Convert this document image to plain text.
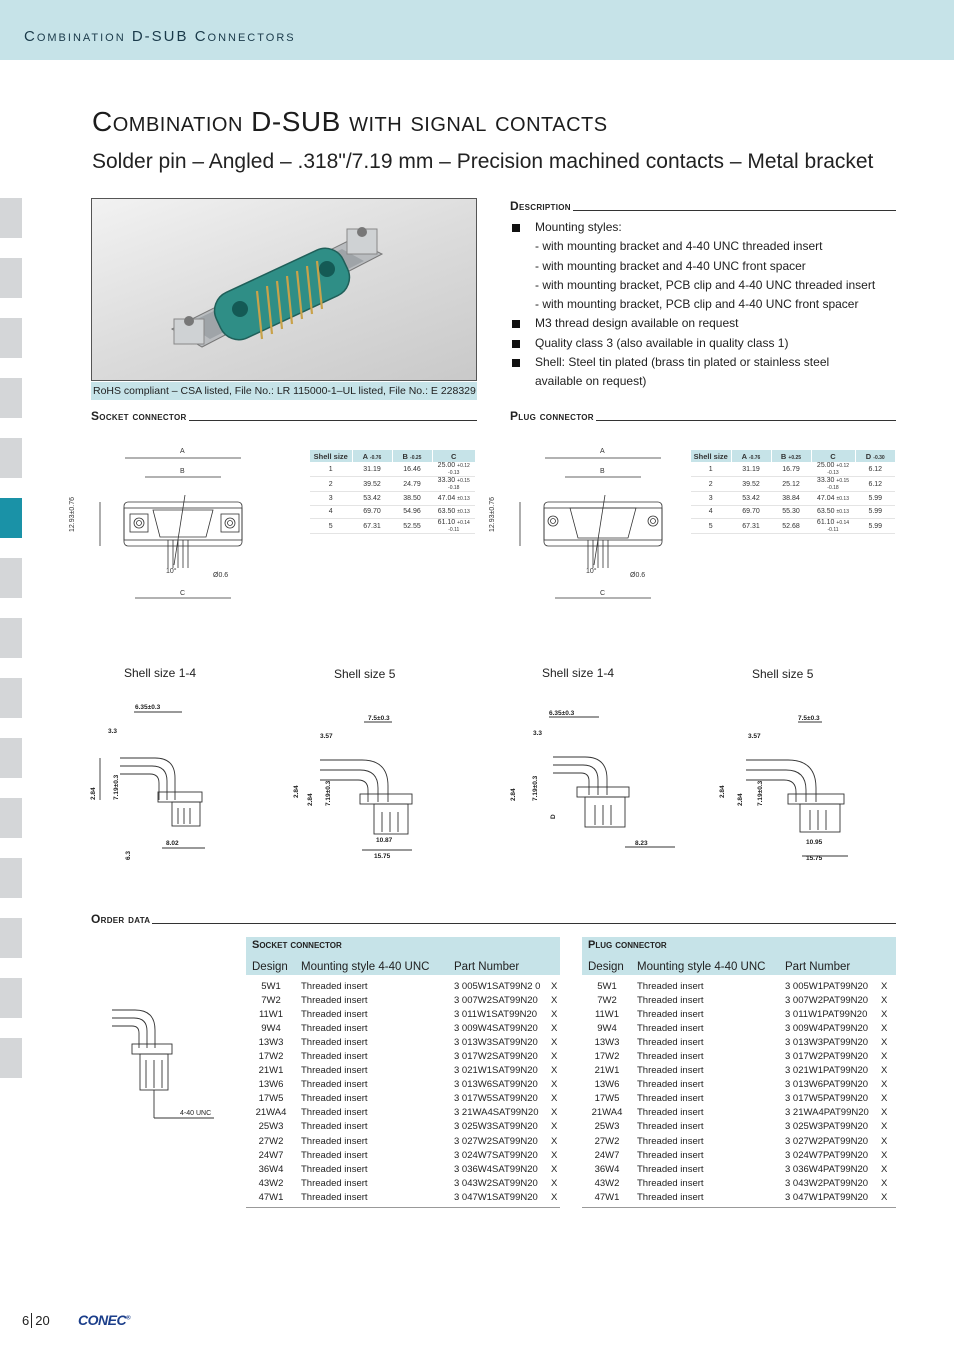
Combination D-SUB Connectors
Combination D-SUB with signal contacts
Solder pin – Angled – .318"/7.19 mm – Precision machined contacts – Metal bracket
RoHS compliant – CSA listed, File No.: LR 115000-1–UL listed, File No.: E 228329
Description
Mounting styles:
- with mounting bracket and 4-40 UNC threaded insert
- with mounting bracket and 4-40 UNC front spacer
- with mounting bracket, PCB clip and 4-40 UNC threaded insert
- with mounting bracket, PCB clip and 4-40 UNC front spacer
M3 thread design available on request
Quality class 3 (also available in quality class 1)
Shell: Steel tin plated (brass tin plated or stainless steel
available on request)
Socket connector	Plug connector
A
B
C
10°
Ø0.6
12.93±0.76
Shell size	A -0.76	B -0.25	C
1	31.19	16.46	25.00 +0.12 -0.13
2	39.52	24.79	33.30 +0.15 -0.18
3	53.42	38.50	47.04 ±0.13
4	69.70	54.96	63.50 ±0.13
5	67.31	52.55	61.10 +0.14 -0.11
A
B
C
10°
Ø0.6
12.93±0.76
Shell size	A -0.76	B +0.25	C	D -0.30
1	31.19	16.79	25.00 +0.12 -0.13	6.12
2	39.52	25.12	33.30 +0.15 -0.18	6.12
3	53.42	38.84	47.04 ±0.13	5.99
4	69.70	55.30	63.50 ±0.13	5.99
5	67.31	52.68	61.10 +0.14 -0.11	5.99
Shell size 1-4	Shell size 5	Shell size 1-4	Shell size 5
6.35±0.3
3.3
2.84 7.19±0.3
6.3
8.02
7.5±0.3
3.57
2.84
2.84 7.19±0.3
10.87
15.75
6.35±0.3
3.3
2.84 7.19±0.3
D
8.23
7.5±0.3
3.57
2.84
2.84 7.19±0.3
10.95
15.75
Order data
4-40 UNC
Socket connector
Design Mounting style 4-40 UNC Part Number
5W1	Threaded insert	3 005W1SAT99N2 0 X
7W2	Threaded insert	3 007W2SAT99N20 X
11W1	Threaded insert	3 011W1SAT99N20 X
9W4	Threaded insert	3 009W4SAT99N20 X
13W3	Threaded insert	3 013W3SAT99N20 X
17W2	Threaded insert	3 017W2SAT99N20 X
21W1	Threaded insert	3 021W1SAT99N20 X
13W6	Threaded insert	3 013W6SAT99N20 X
17W5	Threaded insert	3 017W5SAT99N20 X
21WA4	Threaded insert	3 21WA4SAT99N20 X
25W3	Threaded insert	3 025W3SAT99N20 X
27W2	Threaded insert	3 027W2SAT99N20 X
24W7	Threaded insert	3 024W7SAT99N20 X
36W4	Threaded insert	3 036W4SAT99N20 X
43W2	Threaded insert	3 043W2SAT99N20 X
47W1	Threaded insert	3 047W1SAT99N20 X
Plug connector
Design Mounting style 4-40 UNC Part Number
5W1	Threaded insert	3 005W1PAT99N20 X
7W2	Threaded insert	3 007W2PAT99N20 X
11W1	Threaded insert	3 011W1PAT99N20 X
9W4	Threaded insert	3 009W4PAT99N20 X
13W3	Threaded insert	3 013W3PAT99N20 X
17W2	Threaded insert	3 017W2PAT99N20 X
21W1	Threaded insert	3 021W1PAT99N20 X
13W6	Threaded insert	3 013W6PAT99N20 X
17W5	Threaded insert	3 017W5PAT99N20 X
21WA4	Threaded insert	3 21WA4PAT99N20 X
25W3	Threaded insert	3 025W3PAT99N20 X
27W2	Threaded insert	3 027W2PAT99N20 X
24W7	Threaded insert	3 024W7PAT99N20 X
36W4	Threaded insert	3 036W4PAT99N20 X
43W2	Threaded insert	3 043W2PAT99N20 X
47W1	Threaded insert	3 047W1PAT99N20 X
6 20 CONEC®
